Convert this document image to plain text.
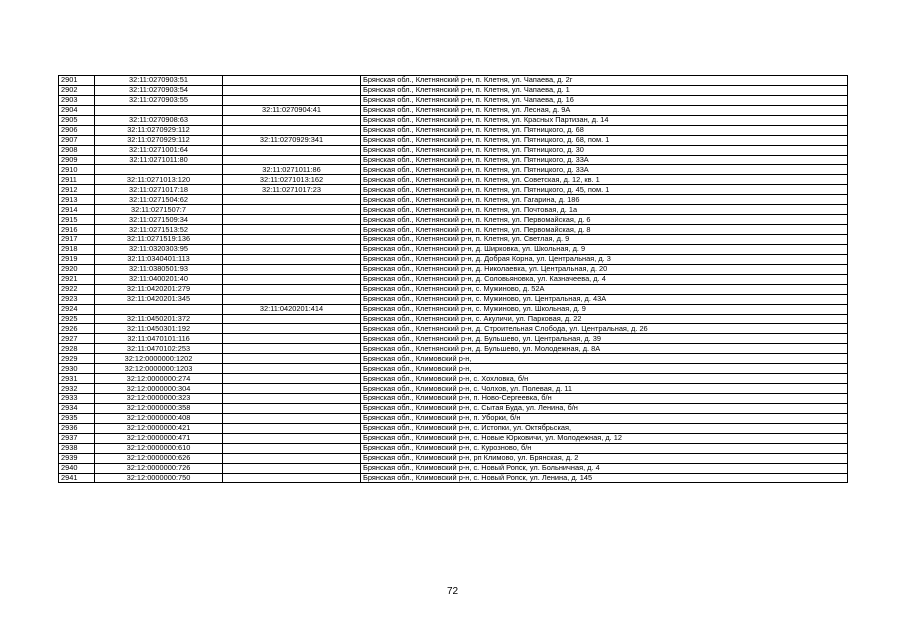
2901	32:11:0270903:51		Брянская обл., Клетнянский р-н, п. Клетня, ул. Чапаева, д. 2г
2902	32:11:0270903:54		Брянская обл., Клетнянский р-н, п. Клетня, ул. Чапаева, д. 1
2903	32:11:0270903:55		Брянская обл., Клетнянский р-н, п. Клетня, ул. Чапаева, д. 16
2904		32:11:0270904:41	Брянская обл., Клетнянский р-н, п. Клетня, ул. Лесная, д. 9А
2905	32:11:0270908:63		Брянская обл., Клетнянский р-н, п. Клетня, ул. Красных Партизан, д. 14
2906	32:11:0270929:112		Брянская обл., Клетнянский р-н, п. Клетня, ул. Пятницкого, д. 68
2907	32:11:0270929:112	32:11:0270929:341	Брянская обл., Клетнянский р-н, п. Клетня, ул. Пятницкого, д. 68, пом. 1
2908	32:11:0271001:64		Брянская обл., Клетнянский р-н, п. Клетня, ул. Пятницкого, д. 30
2909	32:11:0271011:80		Брянская обл., Клетнянский р-н, п. Клетня, ул. Пятницкого, д. 33А
2910		32:11:0271011:86	Брянская обл., Клетнянский р-н, п. Клетня, ул. Пятницкого, д. 33А
2911	32:11:0271013:120	32:11:0271013:162	Брянская обл., Клетнянский р-н, п. Клетня, ул. Советская, д. 12, кв. 1
2912	32:11:0271017:18	32:11:0271017:23	Брянская обл., Клетнянский р-н, п. Клетня, ул. Пятницкого, д. 45, пом. 1
2913	32:11:0271504:62		Брянская обл., Клетнянский р-н, п. Клетня, ул. Гагарина, д. 186
2914	32:11:0271507:7		Брянская обл., Клетнянский р-н, п. Клетня, ул. Почтовая, д. 1а
2915	32:11:0271509:34		Брянская обл., Клетнянский р-н, п. Клетня, ул. Первомайская, д. 6
2916	32:11:0271513:52		Брянская обл., Клетнянский р-н, п. Клетня, ул. Первомайская, д. 8
2917	32:11:0271519:136		Брянская обл., Клетнянский р-н, п. Клетня, ул. Светлая, д. 9
2918	32:11:0320303:95		Брянская обл., Клетнянский р-н, д. Ширковка, ул. Школьная, д. 9
2919	32:11:0340401:113		Брянская обл., Клетнянский р-н, д. Добрая Корна, ул. Центральная, д. 3
2920	32:11:0380501:93		Брянская обл., Клетнянский р-н, д. Николаевка, ул. Центральная, д. 20
2921	32:11:0400201:40		Брянская обл., Клетнянский р-н, д. Соловьяновка, ул. Казначеева, д. 4
2922	32:11:0420201:279		Брянская обл., Клетнянский р-н, с. Мужиново, д. 52А
2923	32:11:0420201:345		Брянская обл., Клетнянский р-н, с. Мужиново, ул. Центральная, д. 43А
2924		32:11:0420201:414	Брянская обл., Клетнянский р-н, с. Мужиново, ул. Школьная, д. 9
2925	32:11:0450201:372		Брянская обл., Клетнянский р-н, с. Акуличи, ул. Парковая, д. 22
2926	32:11:0450301:192		Брянская обл., Клетнянский р-н, д. Строительная Слобода, ул. Центральная, д. 26
2927	32:11:0470101:116		Брянская обл., Клетнянский р-н, д. Бульшево, ул. Центральная, д. 39
2928	32:11:0470102:253		Брянская обл., Клетнянский р-н, д. Бульшево, ул. Молодежная, д. 8А
2929	32:12:0000000:1202		Брянская обл., Климовский р-н,
2930	32:12:0000000:1203		Брянская обл., Климовский р-н,
2931	32:12:0000000:274		Брянская обл., Климовский р-н, с. Хохловка, б/н
2932	32:12:0000000:304		Брянская обл., Климовский р-н, с. Чолхов, ул. Полевая, д. 11
2933	32:12:0000000:323		Брянская обл., Климовский р-н, п. Ново-Сергеевка, б/н
2934	32:12:0000000:358		Брянская обл., Климовский р-н, с. Сытая Буда, ул. Ленина, б/н
2935	32:12:0000000:408		Брянская обл., Климовский р-н, п. Уборки, б/н
2936	32:12:0000000:421		Брянская обл., Климовский р-н, с. Истопки, ул. Октябрьская,
2937	32:12:0000000:471		Брянская обл., Климовский р-н, с. Новые Юрковичи, ул. Молодежная, д. 12
2938	32:12:0000000:610		Брянская обл., Климовский р-н, с. Курозново, б/н
2939	32:12:0000000:626		Брянская обл., Климовский р-н, рп Климово, ул. Брянская, д. 2
2940	32:12:0000000:726		Брянская обл., Климовский р-н, с. Новый Ропск, ул. Больничная, д. 4
2941	32:12:0000000:750		Брянская обл., Климовский р-н, с. Новый Ропск, ул. Ленина, д. 145
72
